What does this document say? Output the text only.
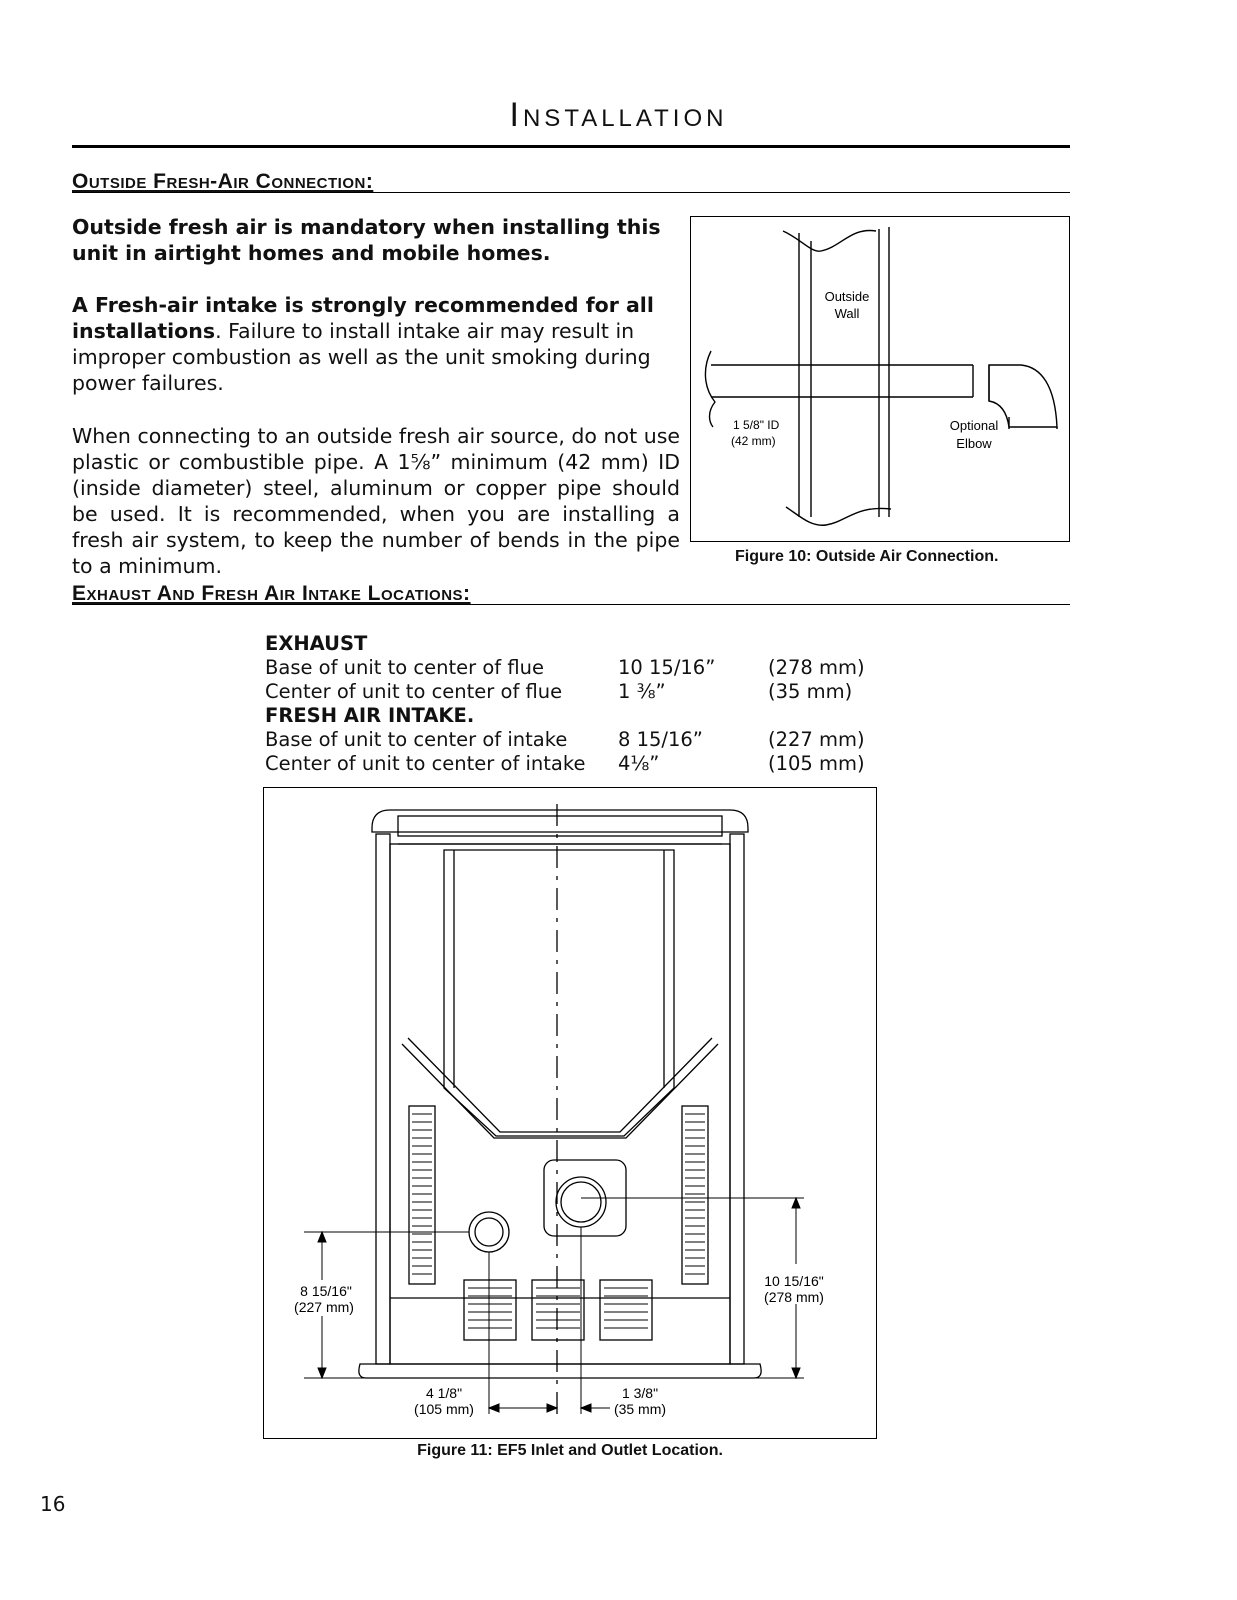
Installation
Outside Fresh-Air Connection:
Outside fresh air is mandatory when installing this unit in airtight homes and mobile homes.
A Fresh-air intake is strongly recommended for all installations. Failure to install intake air may result in improper combustion as well as the unit smoking during power failures.
When connecting to an outside fresh air source, do not use plastic or combustible pipe. A 1⅝” minimum (42 mm) ID (inside diameter) steel, aluminum or copper pipe should be used. It is recommended, when you are installing a fresh air system, to keep the number of bends in the pipe to a minimum.
Outside
Wall
1 5/8" ID
(42 mm)
Optional
Elbow
Figure 10: Outside Air Connection.
Exhaust And Fresh Air Intake Locations:
EXHAUST
Base of unit to center of flue	10 15/16”	(278 mm)
Center of unit to center of flue	1 ⅜”	(35 mm)
FRESH AIR INTAKE.
Base of unit to center of intake	8 15/16”	(227 mm)
Center of unit to center of intake	4⅛”	(105 mm)
8 15/16"
(227 mm)
10 15/16"
(278 mm)
4 1/8"
(105 mm)
1 3/8"
(35 mm)
Figure 11: EF5 Inlet and Outlet Location.
16
